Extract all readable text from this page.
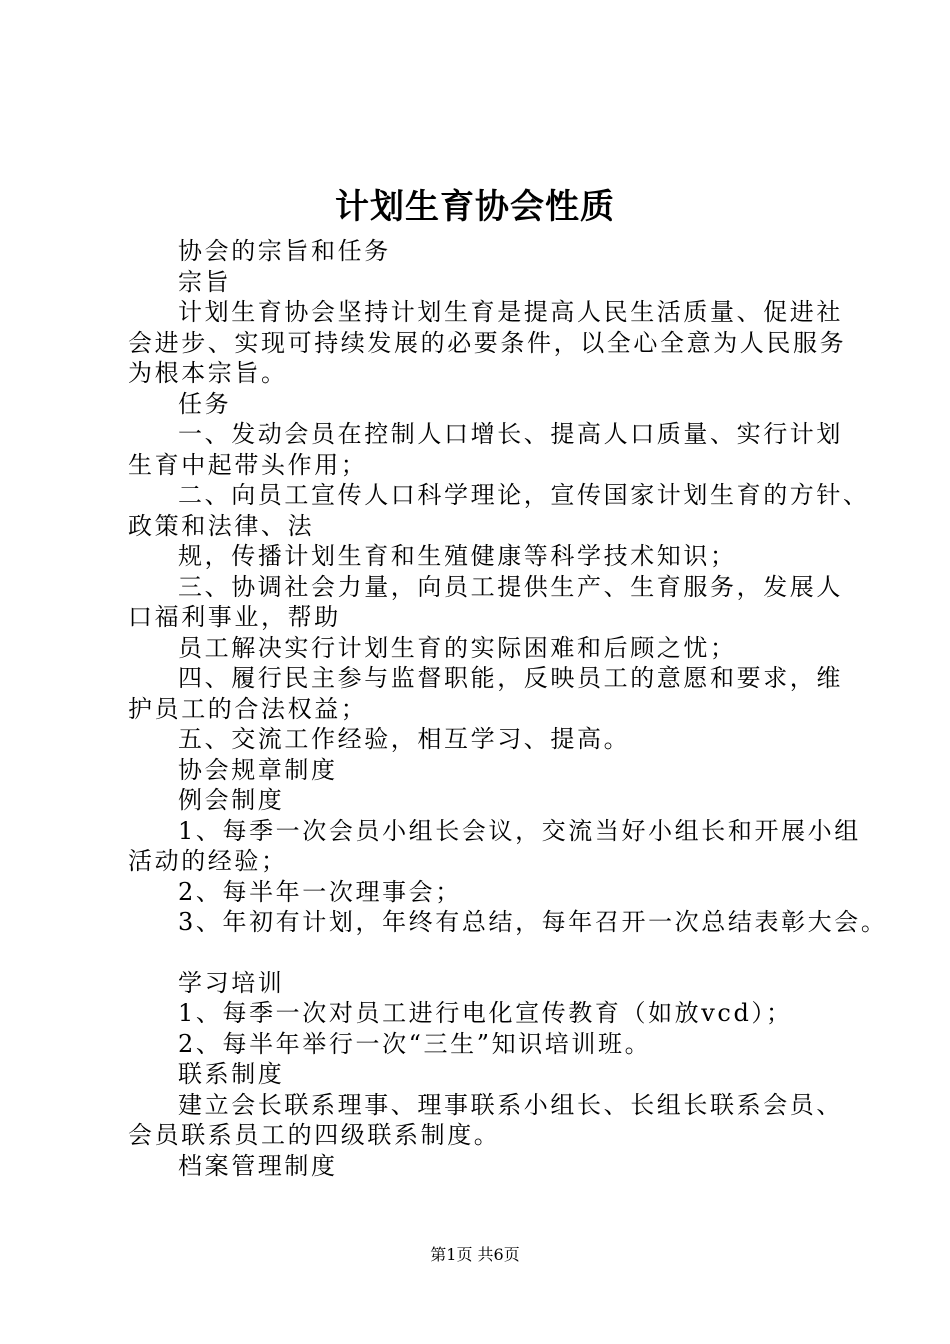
计划生育协会性质

协会的宗旨和任务

宗旨

计划生育协会坚持计划生育是提高人民生活质量、促进社

会进步、实现可持续发展的必要条件，以全心全意为人民服务

为根本宗旨。

任务

一、发动会员在控制人口增长、提高人口质量、实行计划

生育中起带头作用；

二、向员工宣传人口科学理论，宣传国家计划生育的方针、

政策和法律、法

规，传播计划生育和生殖健康等科学技术知识；

三、协调社会力量，向员工提供生产、生育服务，发展人

口福利事业，帮助

员工解决实行计划生育的实际困难和后顾之忧；

四、履行民主参与监督职能，反映员工的意愿和要求，维

护员工的合法权益；

五、交流工作经验，相互学习、提高。

协会规章制度

例会制度

1、每季一次会员小组长会议，交流当好小组长和开展小组

活动的经验；

2、每半年一次理事会；

3、年初有计划，年终有总结，每年召开一次总结表彰大会。

学习培训

1、每季一次对员工进行电化宣传教育（如放vcd）；

2、每半年举行一次“三生”知识培训班。

联系制度

建立会长联系理事、理事联系小组长、长组长联系会员、

会员联系员工的四级联系制度。

档案管理制度

第1页 共6页
